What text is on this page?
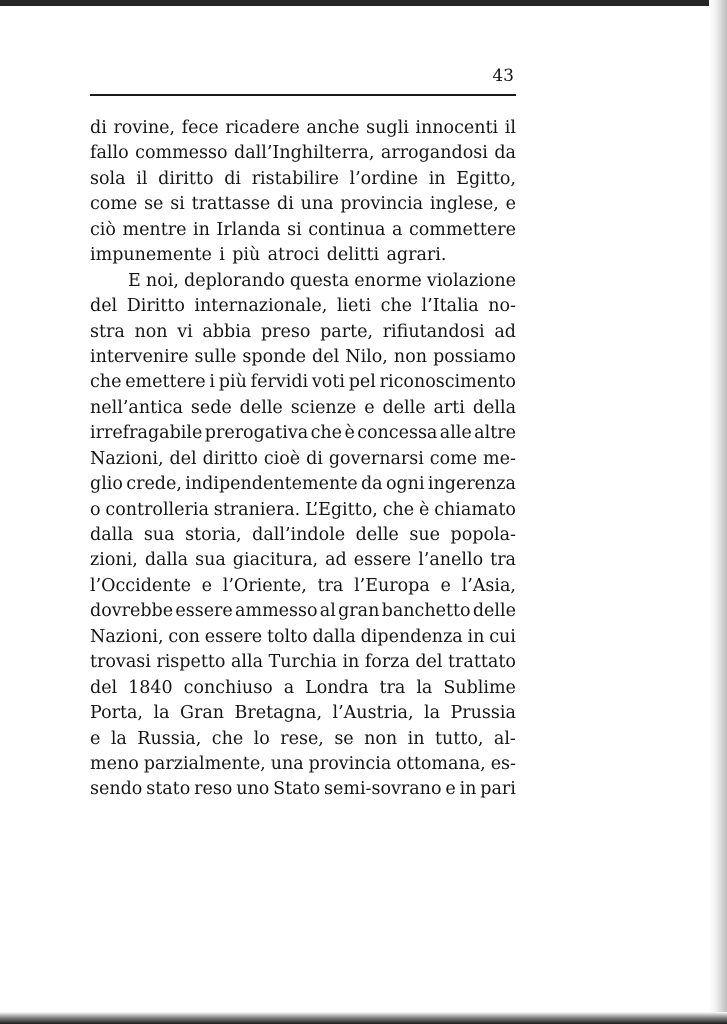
43

di rovine, fece ricadere anche sugli innocenti il
fallo commesso dall’Inghilterra, arrogandosi da
sola il diritto di ristabilire l’ordine in Egitto,
come se si trattasse di una provincia inglese, e
ciò mentre in Irlanda si continua a commettere
impunemente i più atroci delitti agrari.
E noi, deplorando questa enorme violazione
del Diritto internazionale, lieti che l’Italia no-
stra non vi abbia preso parte, rifiutandosi ad
intervenire sulle sponde del Nilo, non possiamo
che emettere i più fervidi voti pel riconoscimento
nell’antica sede delle scienze e delle arti della
irrefragabile prerogativa che è concessa alle altre
Nazioni, del diritto cioè di governarsi come me-
glio crede, indipendentemente da ogni ingerenza
o controlleria straniera. L’Egitto, che è chiamato
dalla sua storia, dall’indole delle sue popola-
zioni, dalla sua giacitura, ad essere l’anello tra
l’Occidente e l’Oriente, tra l’Europa e l’Asia,
dovrebbe essere ammesso al gran banchetto delle
Nazioni, con essere tolto dalla dipendenza in cui
trovasi rispetto alla Turchia in forza del trattato
del 1840 conchiuso a Londra tra la Sublime
Porta, la Gran Bretagna, l’Austria, la Prussia
e la Russia, che lo rese, se non in tutto, al-
meno parzialmente, una provincia ottomana, es-
sendo stato reso uno Stato semi-sovrano e in pari
